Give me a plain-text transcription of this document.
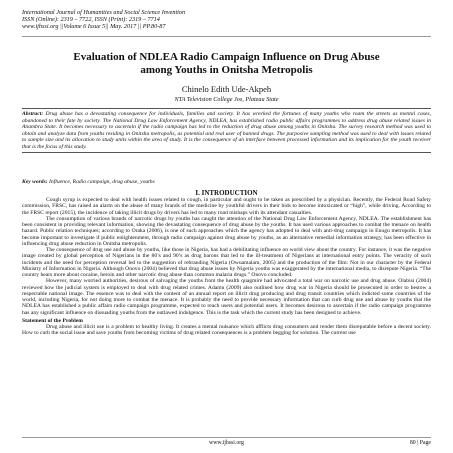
International Journal of Humanities and Social Science Invention
ISSN (Online): 2319 – 7722, ISSN (Print): 2319 – 7714
www.ijhssi.org ||Volume 6 Issue 5|| May. 2017 || PP.80-87
Evaluation of NDLEA Radio Campaign Influence on Drug Abuse
among Youths in Onitsha Metropolis
Chinelo Edith Ude-Akpeh
NTA Television College Jos, Plateau State
Abstract: Drug abuse has a devastating consequence for individuals, families and society. It has wrecked the fortunes of many youths who roam the streets as mental cases, abandoned to their fate by society. The National Drug Law Enforcement Agency, NDLEA, has established radio public affairs programmes to address drug abuse related issues in Anambra State. It becomes necessary to ascertain if the radio campaign has led to the reduction of drug abuse among youths in Onitsha. The survey research method was used to obtain and analyze data from youths residing in Onitsha metropolis, as potential and real user of banned drugs. The purposive sampling method was used to deal with issues related to sample size and its allocation to study units within the area of study. It is the consequence of an interface between processed information and its implication for the youth receiver that is the focus of this study.
Key words: Influence, Radio campaign, drug abuse, youths
I. INTRODUCTION

Cough syrup is expected to deal with health issues related to cough, in particular and ought to be taken as prescribed by a physician. Recently, the Federal Road Safety commission, FRSC, has raised an alarm on the abuse of many brands of the medicine by youthful drivers in their bids to become intoxicated or “high”, while driving. According to the FRSC report (2015), the incidence of taking illicit drugs by drivers has led to many road mishaps with its attendant casualties.

The consumption of various brands of narcotic drugs by youths has caught the attention of the National Drug Law Enforcement Agency, NDLEA. The establishment has been consistent in providing relevant information, showing the devastating consequence of drug abuse by the youths. It has used various approaches to combat the menace on health hazard. Public relation techniques; according to Oraka (2006), is one of such approaches which the agency has adopted to deal with anti-drug campaign in Enugu metropolis. It has become important to investigate if public enlightenment, through radio campaign against drug abuse by youths, as an alternative remedial information strategy, has been effective in influencing drug abuse reduction in Onitsha metropolis.

The consequence of drug use and abuse by youths, like those in Nigeria, has had a debilitating influence on world view about the country. For instance, it was the negative image created by global perception of Nigerians in the 80’s and 90’s as drug barons that led to the ill-treatment of Nigerians at international entry points. The veracity of such incidents and the need for perception reversal led to the suggestion of rebranding Nigeria (Owuamalam, 2005) and the production of the film: Not in our character by the Federal Ministry of Information in Nigeria. Although Onovo (2004) believed that drug abuse issues by Nigeria youths was exaggerated by the international media, to disrepute Nigeria. “The country hears more about cocaine, heroin and other narcotic drug abuse than common malaria drugs.” Onovo concluded.

However, many worried authorities, desirous of salvaging the youths from the health quagmire had advocated a total war on narcotic use and drug abuse. Olabisi (2004) reviewed how the judicial system is employed to deal with drug related crimes. Adamu (2009) also outlined how drug war in Nigeria should be prosecuted in order to bestow a respectable national image. The essence was to deal with the content of an annual report on illicit drug producing and drug transit countries which indicted some countries of the world, including Nigeria, for not doing more to combat the menace. It is probably the need to provide necessary information that can curb drug use and abuse by youths that the NDLEA has established a public affairs radio campaign programme, expected to reach users and potential users. It becomes desirous to ascertain if the radio campaign programme has any significant influence on dissuading youths from the outlawed indulgence. This is the task which the current study has been designed to achieve.

Statement of the Problem

Drug abuse and illicit use is a problem to healthy living. It creates a mental nuisance which afflicts drug consumers and render them disreputable before a decent society. How to curb the social issue and save youths from becoming victims of drug related consequences is a problem begging for solution. The current use

www.ijhssi.org	80 | Page
